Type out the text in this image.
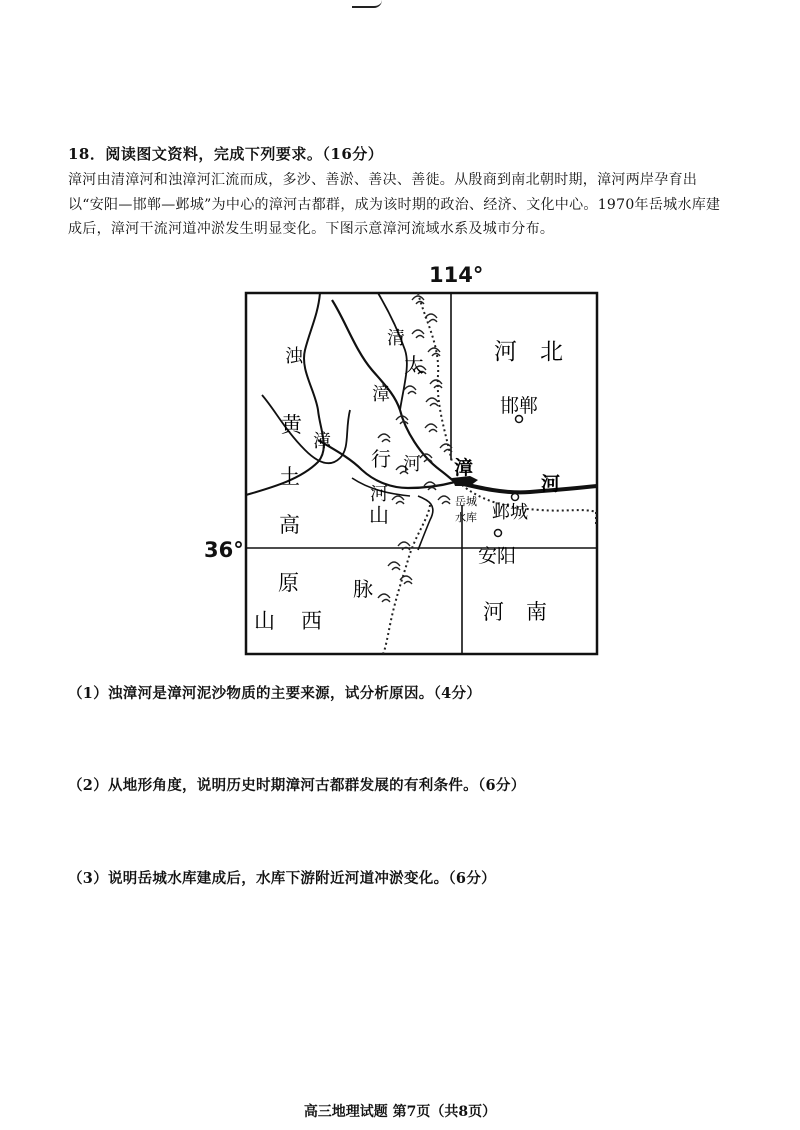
18．阅读图文资料，完成下列要求。（16分）

漳河由清漳河和浊漳河汇流而成，多沙、善淤、善决、善徙。从殷商到南北朝时期，漳河两岸孕育出以“安阳—邯郸—邺城”为中心的漳河古都群，成为该时期的政治、经济、文化中心。1970年岳城水库建成后，漳河干流河道冲淤发生明显变化。下图示意漳河流域水系及城市分布。

114°
36°
浊
漳
黄
土
高
原
山 西
清
漳
太
行
山
脉
河
河 漳
河
岳城
水库
河 北
邯郸
邺城
安阳
河 南
（1）浊漳河是漳河泥沙物质的主要来源，试分析原因。（4分）
（2）从地形角度，说明历史时期漳河古都群发展的有利条件。（6分）
（3）说明岳城水库建成后，水库下游附近河道冲淤变化。（6分）
高三地理试题 第7页（共8页）
